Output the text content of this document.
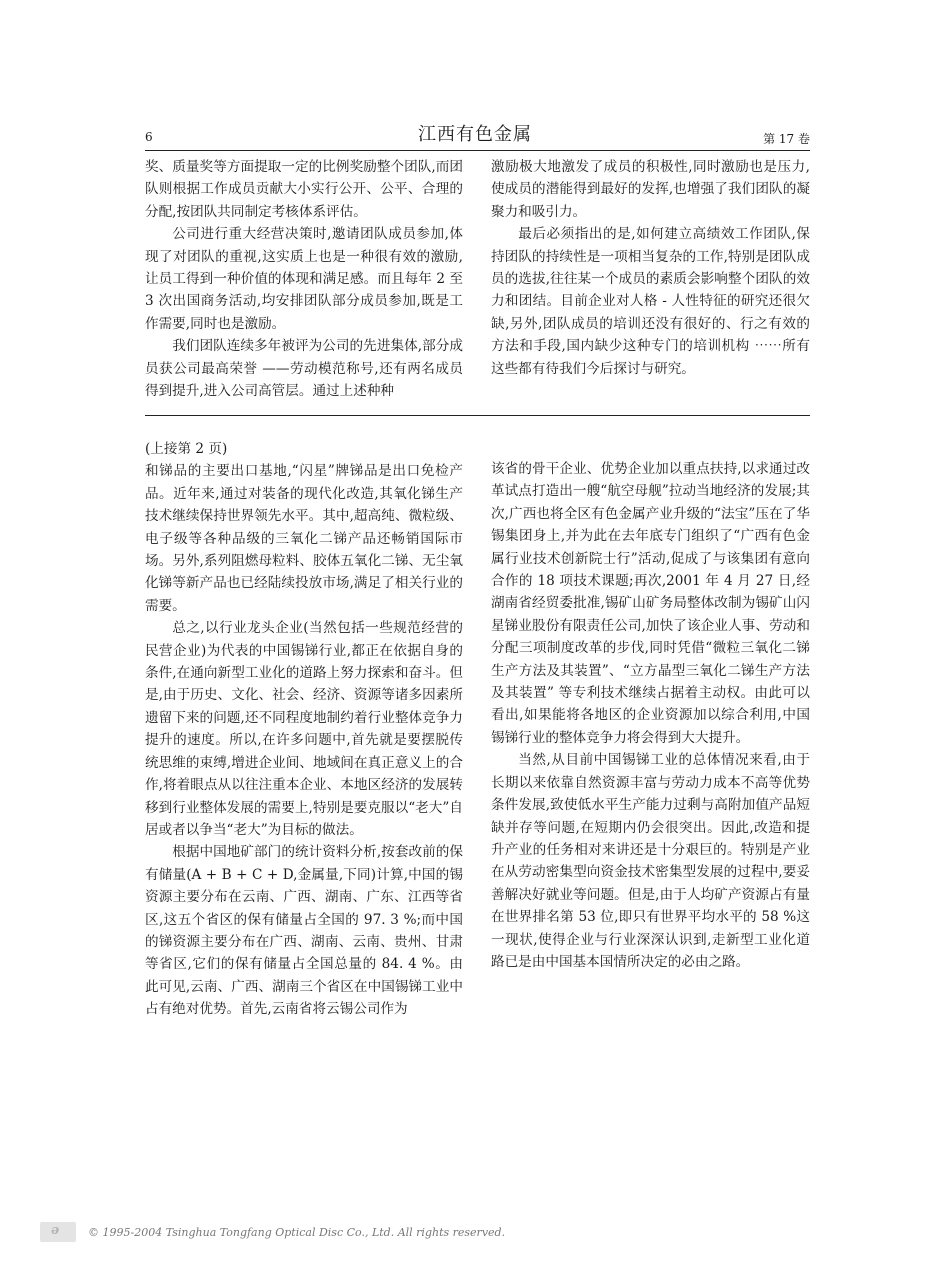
6	江西有色金属	第 17 卷

奖、质量奖等方面提取一定的比例奖励整个团队,而团队则根据工作成员贡献大小实行公开、公平、合理的分配,按团队共同制定考核体系评估。

公司进行重大经营决策时,邀请团队成员参加,体现了对团队的重视,这实质上也是一种很有效的激励,让员工得到一种价值的体现和满足感。而且每年 2 至 3 次出国商务活动,均安排团队部分成员参加,既是工作需要,同时也是激励。

我们团队连续多年被评为公司的先进集体,部分成员获公司最高荣誉 ——劳动模范称号,还有两名成员得到提升,进入公司高管层。通过上述种种

激励极大地激发了成员的积极性,同时激励也是压力,使成员的潜能得到最好的发挥,也增强了我们团队的凝聚力和吸引力。

最后必须指出的是,如何建立高绩效工作团队,保持团队的持续性是一项相当复杂的工作,特别是团队成员的选拔,往往某一个成员的素质会影响整个团队的效力和团结。目前企业对人格 - 人性特征的研究还很欠缺,另外,团队成员的培训还没有很好的、行之有效的方法和手段,国内缺少这种专门的培训机构 ⋯⋯所有这些都有待我们今后探讨与研究。

(上接第 2 页)

和锑品的主要出口基地,“闪星”牌锑品是出口免检产品。近年来,通过对装备的现代化改造,其氧化锑生产技术继续保持世界领先水平。其中,超高纯、微粒级、电子级等各种品级的三氧化二锑产品还畅销国际市场。另外,系列阻燃母粒料、胶体五氧化二锑、无尘氧化锑等新产品也已经陆续投放市场,满足了相关行业的需要。

总之,以行业龙头企业(当然包括一些规范经营的民营企业)为代表的中国锡锑行业,都正在依据自身的条件,在通向新型工业化的道路上努力探索和奋斗。但是,由于历史、文化、社会、经济、资源等诸多因素所遗留下来的问题,还不同程度地制约着行业整体竞争力提升的速度。所以,在许多问题中,首先就是要摆脱传统思维的束缚,增进企业间、地域间在真正意义上的合作,将着眼点从以往注重本企业、本地区经济的发展转移到行业整体发展的需要上,特别是要克服以“老大”自居或者以争当“老大”为目标的做法。

根据中国地矿部门的统计资料分析,按套改前的保有储量(A + B + C + D,金属量,下同)计算,中国的锡资源主要分布在云南、广西、湖南、广东、江西等省区,这五个省区的保有储量占全国的 97. 3 %;而中国的锑资源主要分布在广西、湖南、云南、贵州、甘肃等省区,它们的保有储量占全国总量的 84. 4 %。由此可见,云南、广西、湖南三个省区在中国锡锑工业中占有绝对优势。首先,云南省将云锡公司作为

该省的骨干企业、优势企业加以重点扶持,以求通过改革试点打造出一艘“航空母舰”拉动当地经济的发展;其次,广西也将全区有色金属产业升级的“法宝”压在了华锡集团身上,并为此在去年底专门组织了“广西有色金属行业技术创新院士行”活动,促成了与该集团有意向合作的 18 项技术课题;再次,2001 年 4 月 27 日,经湖南省经贸委批准,锡矿山矿务局整体改制为锡矿山闪星锑业股份有限责任公司,加快了该企业人事、劳动和分配三项制度改革的步伐,同时凭借“微粒三氧化二锑生产方法及其装置”、“立方晶型三氧化二锑生产方法及其装置” 等专利技术继续占据着主动权。由此可以看出,如果能将各地区的企业资源加以综合利用,中国锡锑行业的整体竞争力将会得到大大提升。

当然,从目前中国锡锑工业的总体情况来看,由于长期以来依靠自然资源丰富与劳动力成本不高等优势条件发展,致使低水平生产能力过剩与高附加值产品短缺并存等问题,在短期内仍会很突出。因此,改造和提升产业的任务相对来讲还是十分艰巨的。特别是产业在从劳动密集型向资金技术密集型发展的过程中,要妥善解决好就业等问题。但是,由于人均矿产资源占有量在世界排名第 53 位,即只有世界平均水平的 58 %这一现状,使得企业与行业深深认识到,走新型工业化道路已是由中国基本国情所决定的必由之路。

ə	© 1995-2004 Tsinghua Tongfang Optical Disc Co., Ltd. All rights reserved.
